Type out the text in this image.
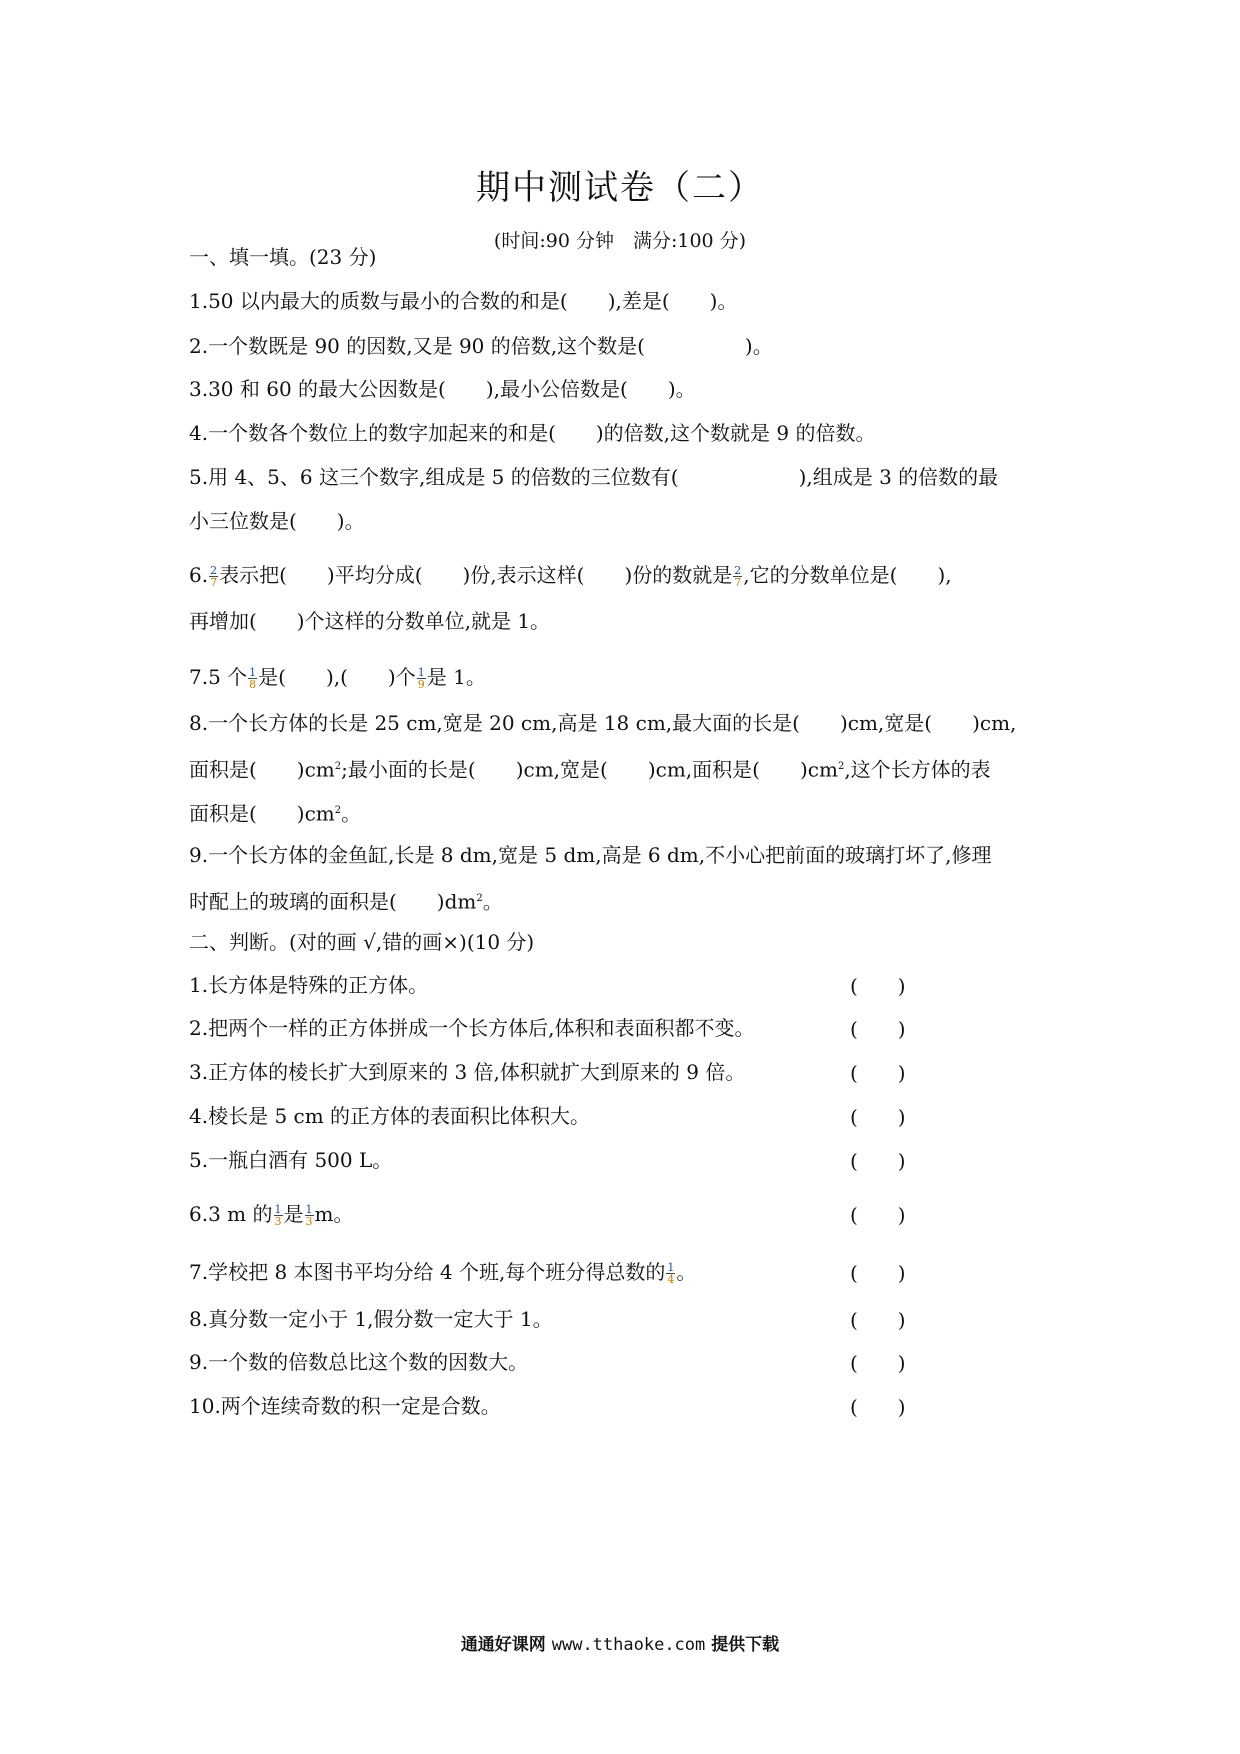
期中测试卷（二）
(时间:90 分钟　满分:100 分)
一、填一填。(23 分)
1.50 以内最大的质数与最小的合数的和是(　　),差是(　　)。
2.一个数既是 90 的因数,又是 90 的倍数,这个数是(　　　　　)。
3.30 和 60 的最大公因数是(　　),最小公倍数是(　　)。
4.一个数各个数位上的数字加起来的和是(　　)的倍数,这个数就是 9 的倍数。
5.用 4、5、6 这三个数字,组成是 5 的倍数的三位数有(　　　　　　),组成是 3 的倍数的最
小三位数是(　　)。
6. $\frac{2}{7}$ 表示把(　　)平均分成(　　)份,表示这样(　　)份的数就是 $\frac{2}{7}$ ,它的分数单位是(　　),
再增加(　　)个这样的分数单位,就是 1。
7.5 个 $\frac{1}{8}$ 是(　　),(　　)个 $\frac{1}{9}$ 是 1。
8.一个长方体的长是 25 cm,宽是 20 cm,高是 18 cm,最大面的长是(　　)cm,宽是(　　)cm,
面积是(　　)$cm^2$;最小面的长是(　　)cm,宽是(　　)cm,面积是(　　)$cm^2$,这个长方体的表
面积是(　　)$cm^2$。
9.一个长方体的金鱼缸,长是 8 dm,宽是 5 dm,高是 6 dm,不小心把前面的玻璃打坏了,修理
时配上的玻璃的面积是(　　)$dm^2$。
二、判断。(对的画 √,错的画×)(10 分)
1.长方体是特殊的正方体。	(　　)
2.把两个一样的正方体拼成一个长方体后,体积和表面积都不变。	(　　)
3.正方体的棱长扩大到原来的 3 倍,体积就扩大到原来的 9 倍。	(　　)
4.棱长是 5 cm 的正方体的表面积比体积大。	(　　)
5.一瓶白酒有 500 L。	(　　)
6.3 m 的 $\frac{1}{3}$ 是 $\frac{1}{3}$ m。	(　　)
7.学校把 8 本图书平均分给 4 个班,每个班分得总数的 $\frac{1}{4}$ 。	(　　)
8.真分数一定小于 1,假分数一定大于 1。	(　　)
9.一个数的倍数总比这个数的因数大。	(　　)
10.两个连续奇数的积一定是合数。	(　　)
通通好课网 www.tthaoke.com 提供下载
